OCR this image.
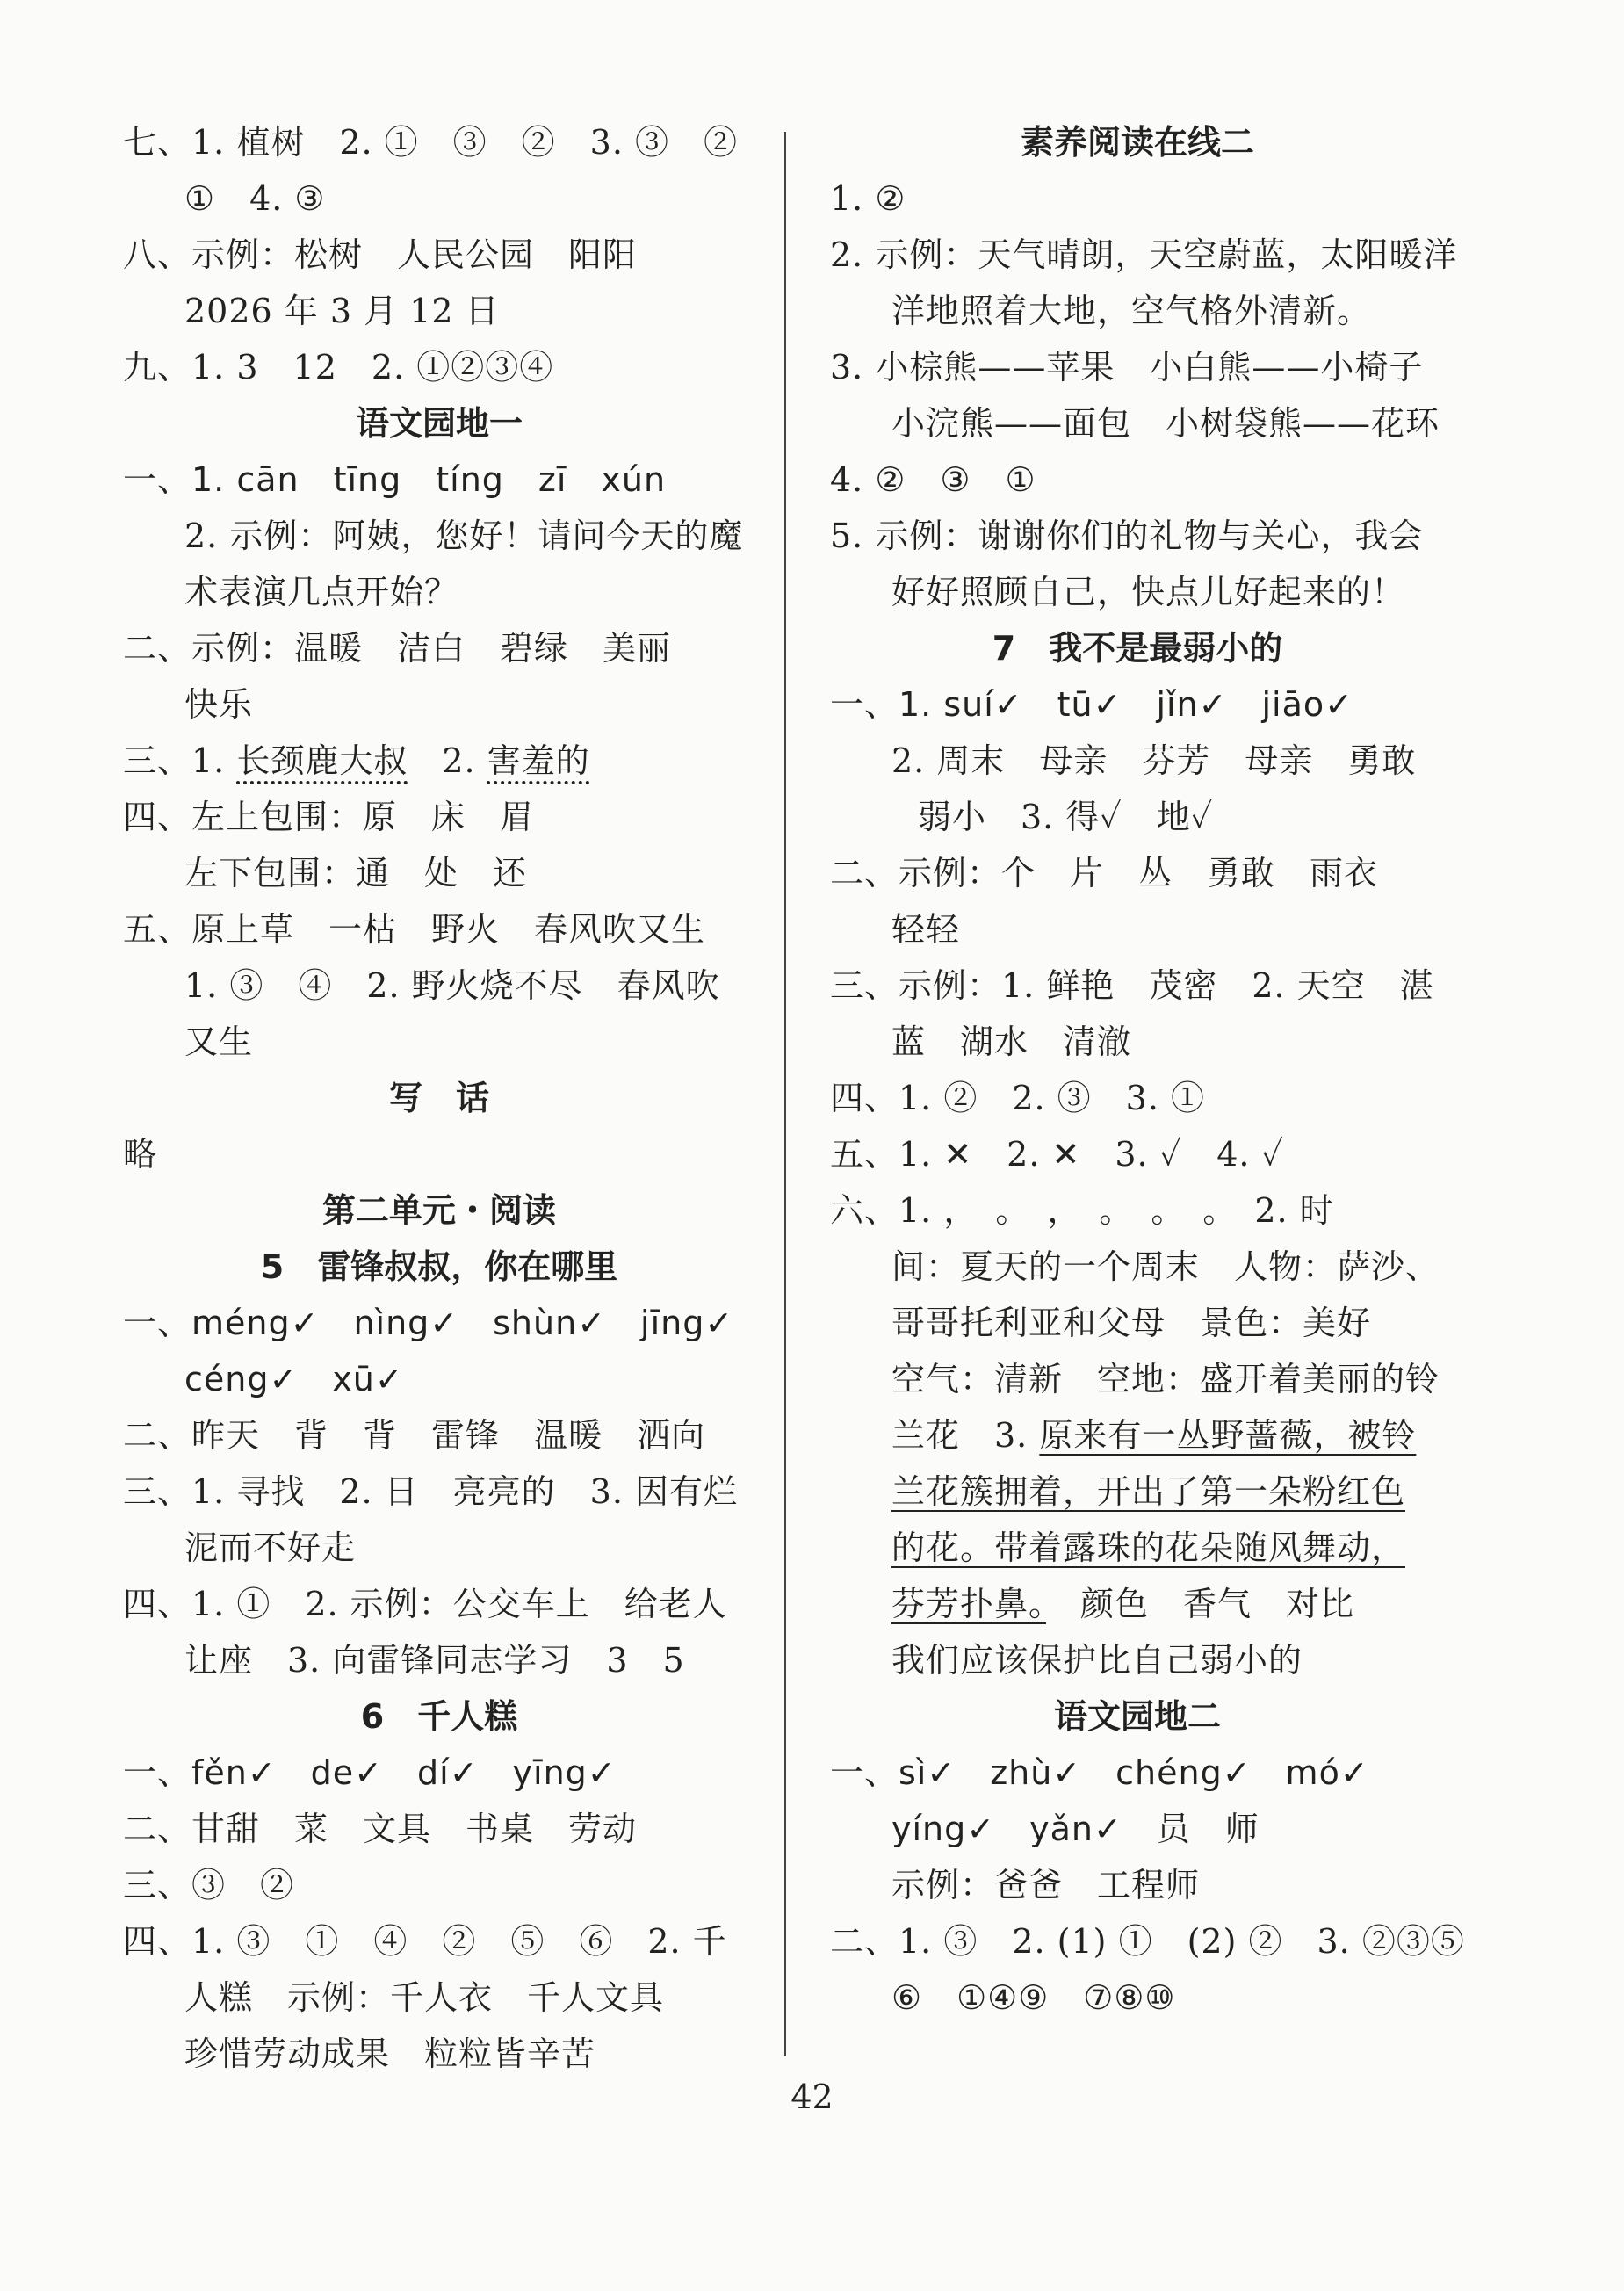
七、1. 植树　2. ①　③　②　3. ③　②
①　4. ③
八、示例：松树　人民公园　阳阳
2026 年 3 月 12 日
九、1. 3　12　2. ①②③④
语文园地一
一、1. cān　tīng　tíng　zī　xún
2. 示例：阿姨，您好！请问今天的魔
术表演几点开始？
二、示例：温暖　洁白　碧绿　美丽
快乐
三、1. 长颈鹿大叔　2. 害羞的
四、左上包围：原　床　眉
左下包围：通　处　还
五、原上草　一枯　野火　春风吹又生
1. ③　④　2. 野火烧不尽　春风吹
又生
写　话
略
第二单元・阅读
5　雷锋叔叔，你在哪里
一、méng✓　nìng✓　shùn✓　jīng✓
céng✓　xū✓
二、昨天　背　背　雷锋　温暖　洒向
三、1. 寻找　2. 日　亮亮的　3. 因有烂
泥而不好走
四、1. ①　2. 示例：公交车上　给老人
让座　3. 向雷锋同志学习　3　5
6　千人糕
一、fěn✓　de✓　dí✓　yīng✓
二、甘甜　菜　文具　书桌　劳动
三、③　②
四、1. ③　①　④　②　⑤　⑥　2. 千
人糕　示例：千人衣　千人文具
珍惜劳动成果　粒粒皆辛苦
素养阅读在线二
1. ②
2. 示例：天气晴朗，天空蔚蓝，太阳暖洋
洋地照着大地，空气格外清新。
3. 小棕熊——苹果　小白熊——小椅子
小浣熊——面包　小树袋熊——花环
4. ②　③　①
5. 示例：谢谢你们的礼物与关心，我会
好好照顾自己，快点儿好起来的！
7　我不是最弱小的
一、1. suí✓　tū✓　jǐn✓　jiāo✓
2. 周末　母亲　芬芳　母亲　勇敢
弱小　3. 得✓　地✓
二、示例：个　片　丛　勇敢　雨衣
轻轻
三、示例：1. 鲜艳　茂密　2. 天空　湛
蓝　湖水　清澈
四、1. ②　2. ③　3. ①
五、1. ✕　2. ✕　3. ✓　4. ✓
六、1. ，　。　，　。　。　。　2. 时
间：夏天的一个周末　人物：萨沙、
哥哥托利亚和父母　景色：美好
空气：清新　空地：盛开着美丽的铃
兰花　3. 原来有一丛野蔷薇，被铃
兰花簇拥着，开出了第一朵粉红色
的花。带着露珠的花朵随风舞动，
芬芳扑鼻。　颜色　香气　对比
我们应该保护比自己弱小的
语文园地二
一、sì✓　zhù✓　chéng✓　mó✓
yíng✓　yǎn✓　员　师
示例：爸爸　工程师
二、1. ③　2. (1) ①　(2) ②　3. ②③⑤
⑥　①④⑨　⑦⑧⑩
42
